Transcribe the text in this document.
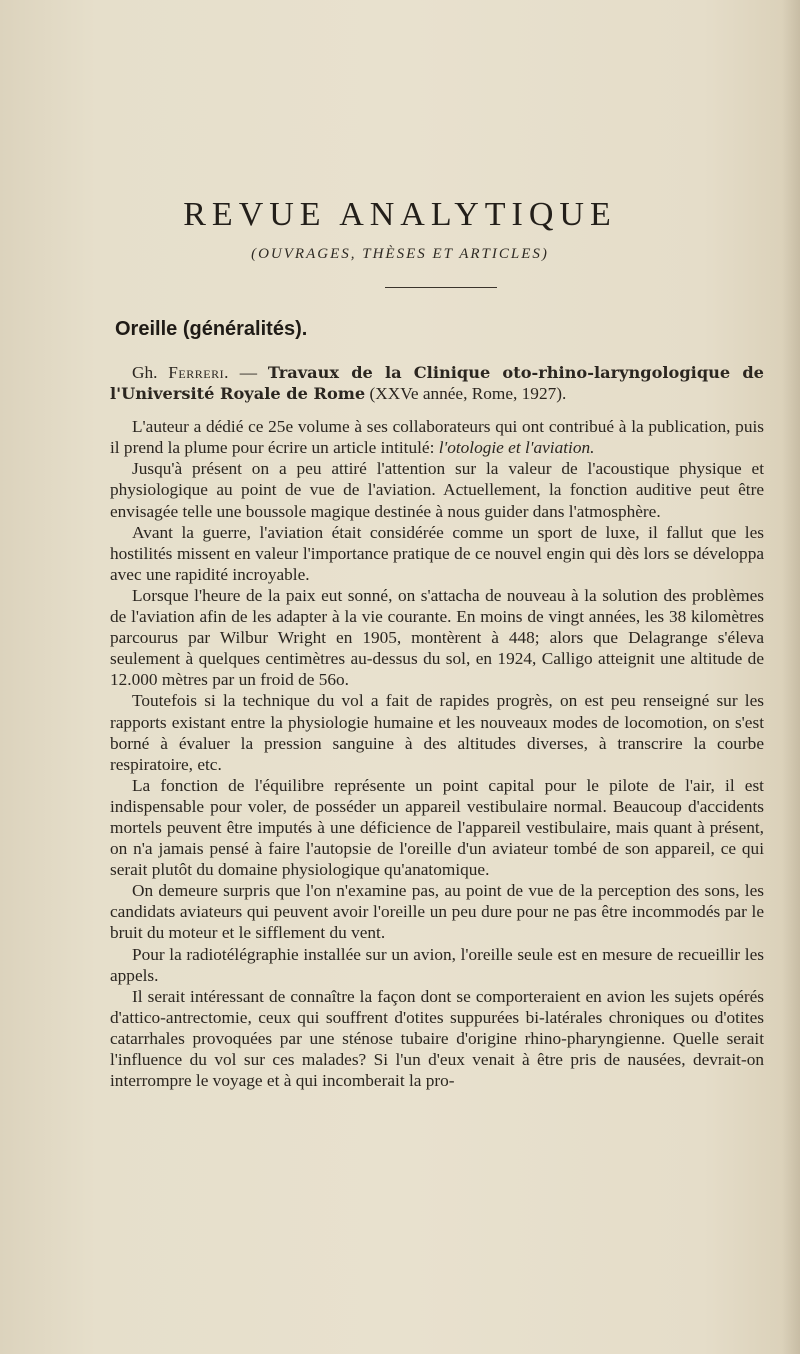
REVUE ANALYTIQUE
(OUVRAGES, THÈSES ET ARTICLES)
Oreille (généralités).

Gh. Ferreri. — Travaux de la Clinique oto-rhino-laryngologique de l'Université Royale de Rome (XXVe année, Rome, 1927).

L'auteur a dédié ce 25e volume à ses collaborateurs qui ont contribué à la publication, puis il prend la plume pour écrire un article intitulé: l'otologie et l'aviation.

Jusqu'à présent on a peu attiré l'attention sur la valeur de l'acoustique physique et physiologique au point de vue de l'aviation. Actuellement, la fonction auditive peut être envisagée telle une boussole magique destinée à nous guider dans l'atmosphère.

Avant la guerre, l'aviation était considérée comme un sport de luxe, il fallut que les hostilités missent en valeur l'importance pratique de ce nouvel engin qui dès lors se développa avec une rapidité incroyable.

Lorsque l'heure de la paix eut sonné, on s'attacha de nouveau à la solution des problèmes de l'aviation afin de les adapter à la vie courante. En moins de vingt années, les 38 kilomètres parcourus par Wilbur Wright en 1905, montèrent à 448; alors que Delagrange s'éleva seulement à quelques centimètres au-dessus du sol, en 1924, Calligo atteignit une altitude de 12.000 mètres par un froid de 56o.

Toutefois si la technique du vol a fait de rapides progrès, on est peu renseigné sur les rapports existant entre la physiologie humaine et les nouveaux modes de locomotion, on s'est borné à évaluer la pression sanguine à des altitudes diverses, à transcrire la courbe respiratoire, etc.

La fonction de l'équilibre représente un point capital pour le pilote de l'air, il est indispensable pour voler, de posséder un appareil vestibulaire normal. Beaucoup d'accidents mortels peuvent être imputés à une déficience de l'appareil vestibulaire, mais quant à présent, on n'a jamais pensé à faire l'autopsie de l'oreille d'un aviateur tombé de son appareil, ce qui serait plutôt du domaine physiologique qu'anatomique.

On demeure surpris que l'on n'examine pas, au point de vue de la perception des sons, les candidats aviateurs qui peuvent avoir l'oreille un peu dure pour ne pas être incommodés par le bruit du moteur et le sifflement du vent.

Pour la radiotélégraphie installée sur un avion, l'oreille seule est en mesure de recueillir les appels.

Il serait intéressant de connaître la façon dont se comporteraient en avion les sujets opérés d'attico-antrectomie, ceux qui souffrent d'otites suppurées bi-latérales chroniques ou d'otites catarrhales provoquées par une sténose tubaire d'origine rhino-pharyngienne. Quelle serait l'influence du vol sur ces malades? Si l'un d'eux venait à être pris de nausées, devrait-on interrompre le voyage et à qui incomberait la pro-
